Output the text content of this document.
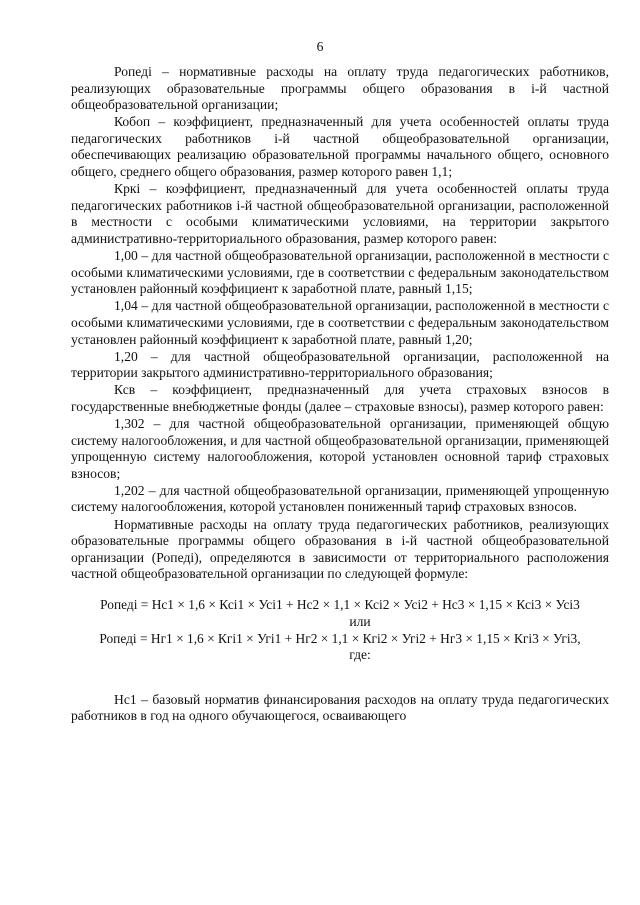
6

Ропеді – нормативные расходы на оплату труда педагогических работников, реализующих образовательные программы общего образования в і-й частной общеобразовательной организации;

Кобоп – коэффициент, предназначенный для учета особенностей оплаты труда педагогических работников і-й частной общеобразовательной организации, обеспечивающих реализацию образовательной программы начального общего, основного общего, среднего общего образования, размер которого равен 1,1;

Кркі – коэффициент, предназначенный для учета особенностей оплаты труда педагогических работников і-й частной общеобразовательной организации, расположенной в местности с особыми климатическими условиями, на территории закрытого административно-территориального образования, размер которого равен:

1,00 – для частной общеобразовательной организации, расположенной в местности с особыми климатическими условиями, где в соответствии с федеральным законодательством установлен районный коэффициент к заработной плате, равный 1,15;

1,04 – для частной общеобразовательной организации, расположенной в местности с особыми климатическими условиями, где в соответствии с федеральным законодательством установлен районный коэффициент к заработной плате, равный 1,20;

1,20 – для частной общеобразовательной организации, расположенной на территории закрытого административно-территориального образования;

Ксв – коэффициент, предназначенный для учета страховых взносов в государственные внебюджетные фонды (далее – страховые взносы), размер которого равен:

1,302 – для частной общеобразовательной организации, применяющей общую систему налогообложения, и для частной общеобразовательной организации, применяющей упрощенную систему налогообложения, которой установлен основной тариф страховых взносов;

1,202 – для частной общеобразовательной организации, применяющей упрощенную систему налогообложения, которой установлен пониженный тариф страховых взносов.

Нормативные расходы на оплату труда педагогических работников, реализующих образовательные программы общего образования в і-й частной общеобразовательной организации (Ропеді), определяются в зависимости от территориального расположения частной общеобразовательной организации по следующей формуле:

Ропеді = Нс1 × 1,6 × Ксі1 × Усі1 + Нс2 × 1,1 × Ксі2 × Усі2 + Нс3 × 1,15 × Ксі3 × Усі3

или

Ропеді = Нг1 × 1,6 × Кгі1 × Угі1 + Нг2 × 1,1 × Кгі2 × Угі2 + Нг3 × 1,15 × Кгі3 × Угі3,

где:

Нс1 – базовый норматив финансирования расходов на оплату труда педагогических работников в год на одного обучающегося, осваивающего
